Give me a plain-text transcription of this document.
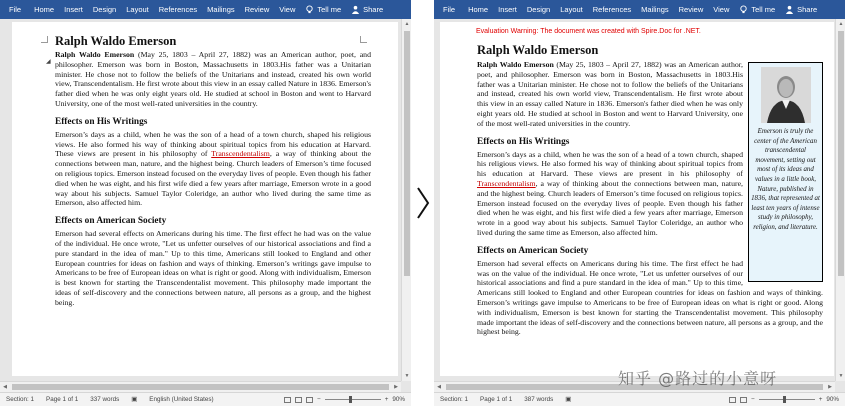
File	Home	Insert	Design	Layout	References	Mailings	Review	View	Tell me	Share
◢
Ralph Waldo Emerson

Ralph Waldo Emerson (May 25, 1803 – April 27, 1882) was an American author, poet, and philosopher. Emerson was born in Boston, Massachusetts in 1803.His father was a Unitarian minister. He chose not to follow the beliefs of the Unitarians and instead, created his own world view, Transcendentalism. He first wrote about this view in an essay called Nature in 1836. Emerson's father died when he was only eight years old. He studied at school in Boston and went to Harvard University, one of the most well-rated universities in the country.

Effects on His Writings

Emerson’s days as a child, when he was the son of a head of a town church, shaped his religious views. He also formed his way of thinking about spiritual topics from his education at Harvard. These views are present in his philosophy of Transcendentalism, a way of thinking about the connections between man, nature, and the highest being. Church leaders of Emerson’s time focused on religious topics. Emerson instead focused on the everyday lives of people. Even though his father died when he was eight, and his first wife died a few years after marriage, Emerson wrote in a good way about his subjects. Samuel Taylor Coleridge, an author who lived during the same time as Emerson, also affected him.

Effects on American Society

Emerson had several effects on Americans during his time. The first effect he had was on the value of the individual. He once wrote, "Let us unfetter ourselves of our historical associations and find a pure standard in the idea of man." Up to this time, Americans still looked to England and other European countries for ideas on fashion and ways of thinking. Emerson’s writings gave impulse to Americans to be free of European ideas on what is right or good. Along with individualism, Emerson is best known for starting the Transcendentalist movement. This philosophy made important the ideas of self-discovery and the connections between nature, all persons as a group, and the highest being.

▲
▼
◀	▶
Section: 1 Page 1 of 1 337 words ▣ English (United States)	−	+ 90%
File	Home	Insert	Design	Layout	References	Mailings	Review	View	Tell me	Share
Evaluation Warning: The document was created with Spire.Doc for .NET.
Ralph Waldo Emerson
Emerson is truly the center of the American transcendental movement, setting out most of its ideas and values in a little book, Nature, published in 1836, that represented at least ten years of intense study in philosophy, religion, and literature.

Ralph Waldo Emerson (May 25, 1803 – April 27, 1882) was an American author, poet, and philosopher. Emerson was born in Boston, Massachusetts in 1803.His father was a Unitarian minister. He chose not to follow the beliefs of the Unitarians and instead, created his own world view, Transcendentalism. He first wrote about this view in an essay called Nature in 1836. Emerson's father died when he was only eight years old. He studied at school in Boston and went to Harvard University, one of the most well-rated universities in the country.

Effects on His Writings

Emerson’s days as a child, when he was the son of a head of a town church, shaped his religious views. He also formed his way of thinking about spiritual topics from his education at Harvard. These views are present in his philosophy of Transcendentalism, a way of thinking about the connections between man, nature, and the highest being. Church leaders of Emerson’s time focused on religious topics. Emerson instead focused on the everyday lives of people. Even though his father died when he was eight, and his first wife died a few years after marriage, Emerson wrote in a good way about his subjects. Samuel Taylor Coleridge, an author who lived during the same time as Emerson, also affected him.

Effects on American Society

Emerson had several effects on Americans during his time. The first effect he had was on the value of the individual. He once wrote, "Let us unfetter ourselves of our historical associations and find a pure standard in the idea of man." Up to this time, Americans still looked to England and other European countries for ideas on fashion and ways of thinking. Emerson’s writings gave impulse to Americans to be free of European ideas on what is right or good. Along with individualism, Emerson is best known for starting the Transcendentalist movement. This philosophy made important the ideas of self-discovery and the connections between nature, all persons as a group, and the highest being.

▲
▼
◀	▶
Section: 1 Page 1 of 1 387 words ▣	−	+ 90%
知乎 @路过的小意呀
